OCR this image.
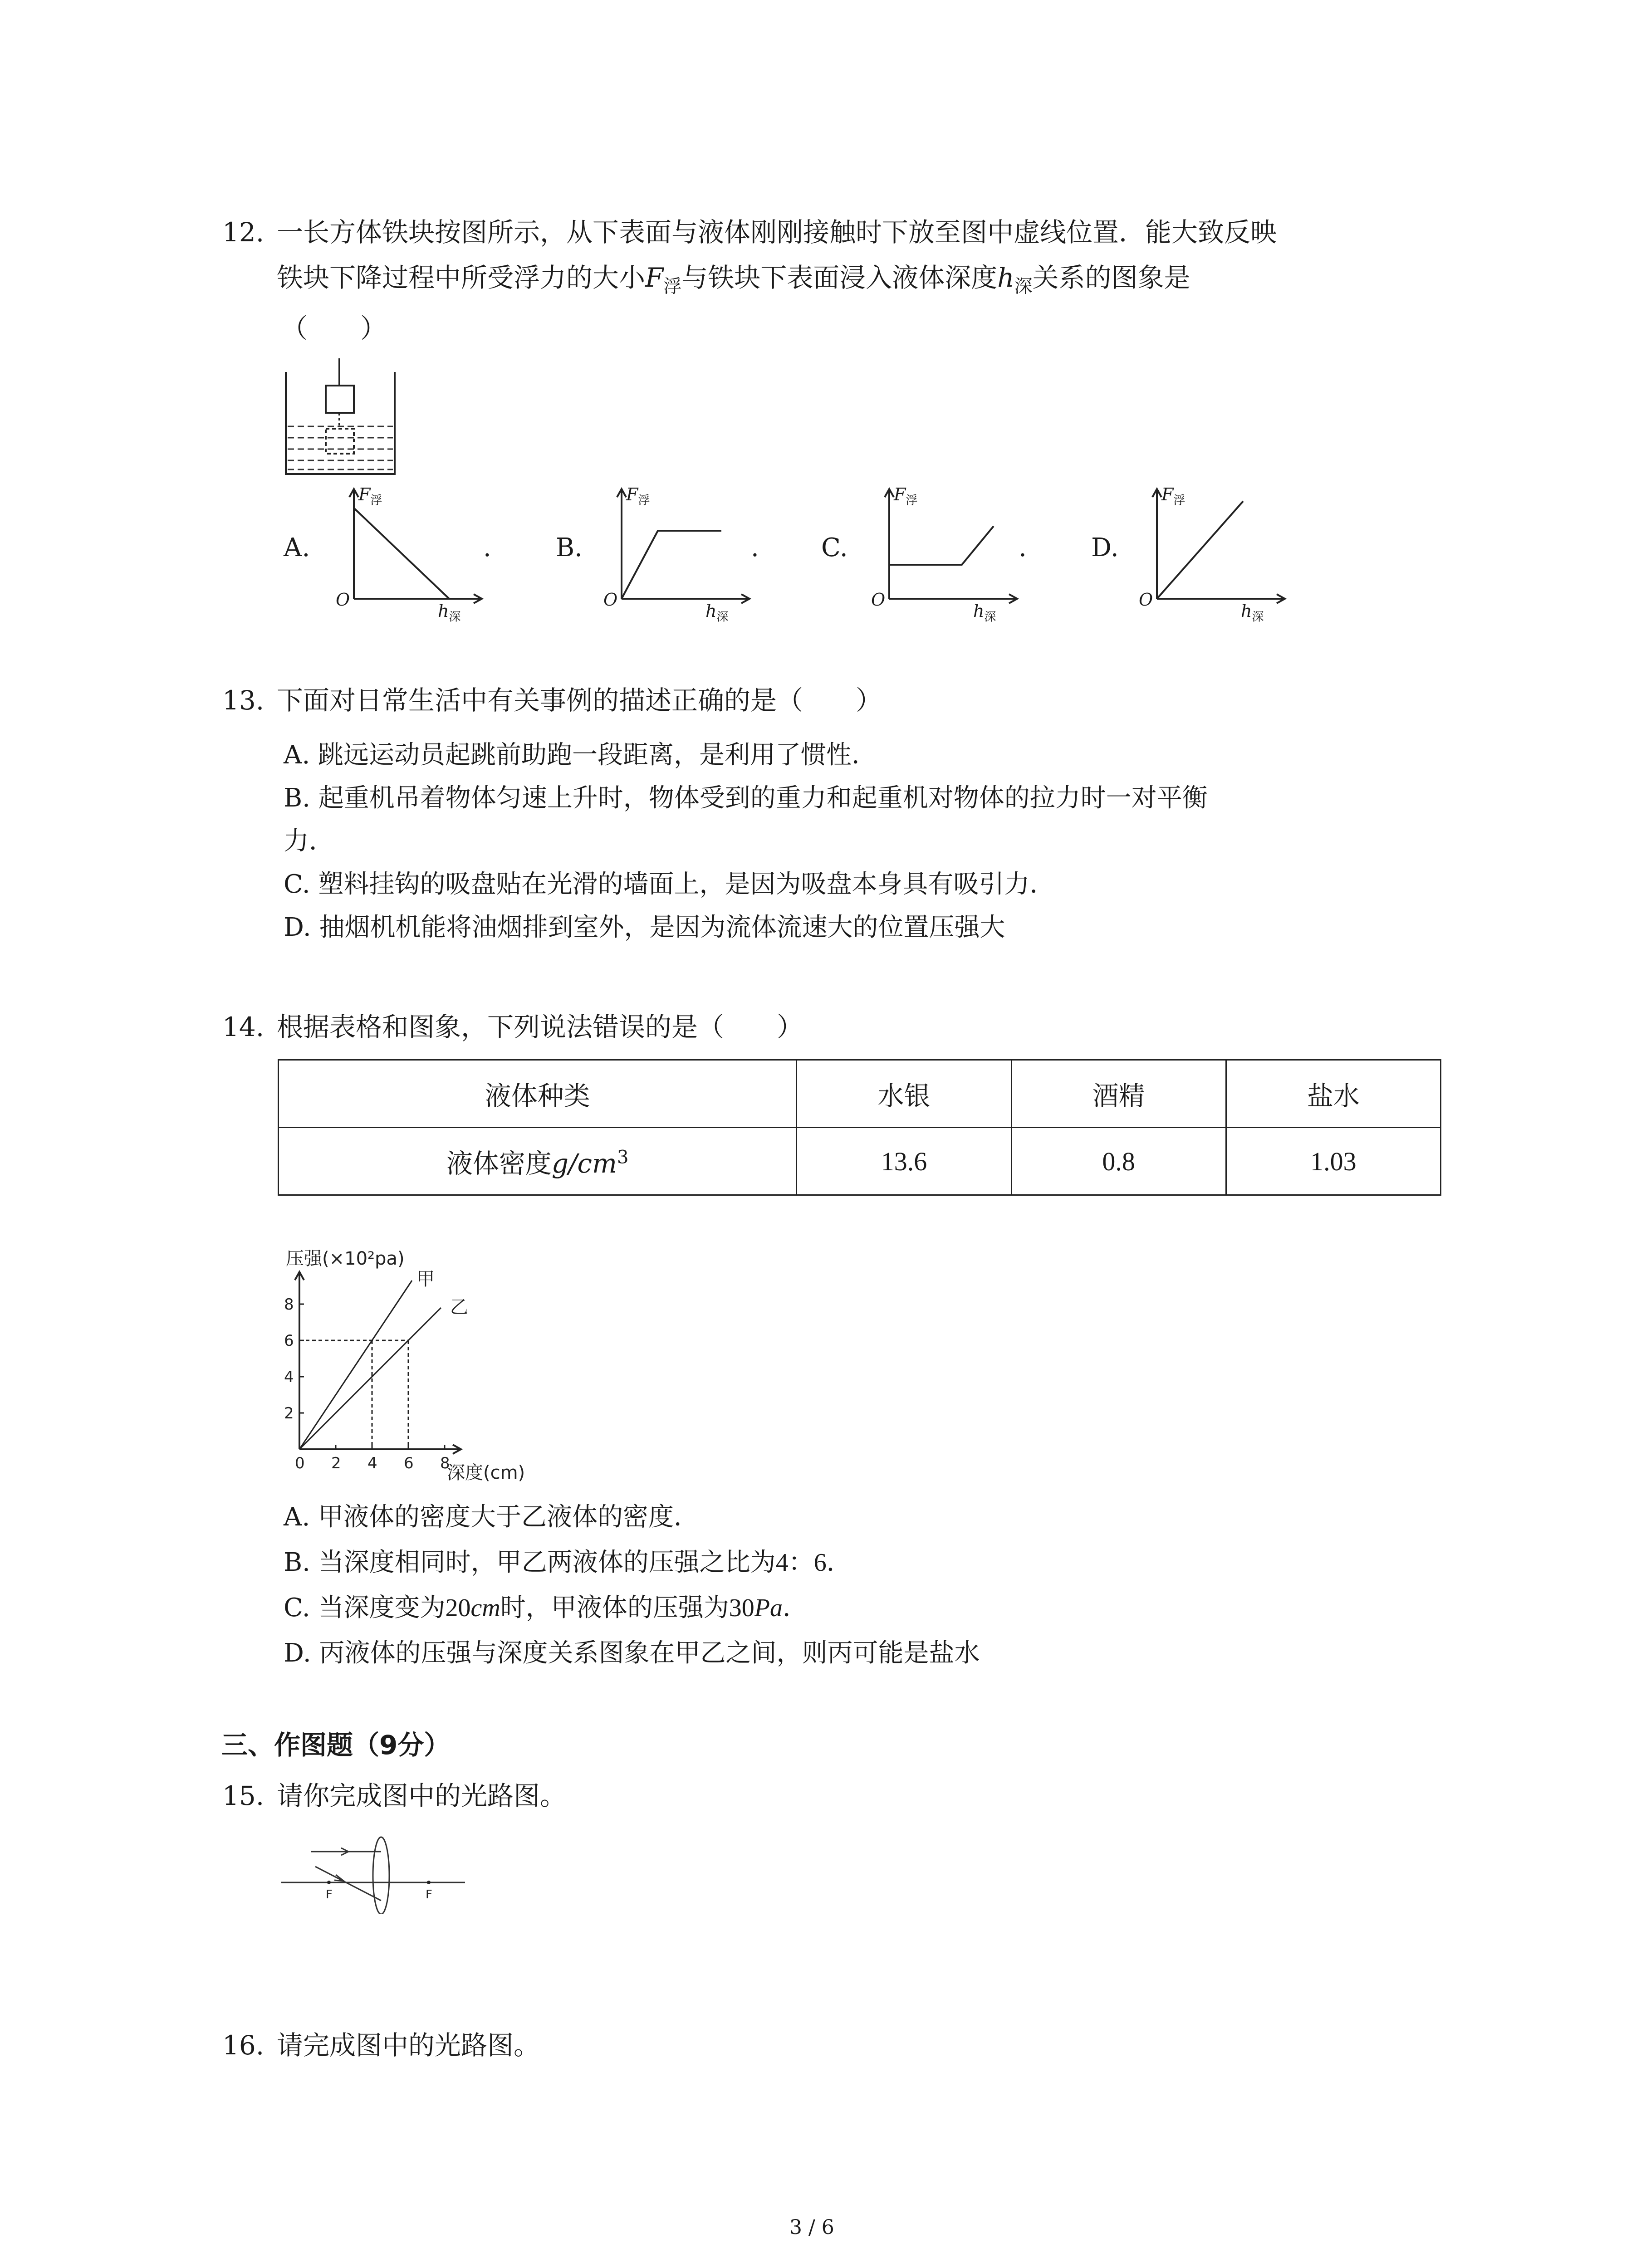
12. 一长方体铁块按图所示，从下表面与液体刚刚接触时下放至图中虚线位置．能大致反映
铁块下降过程中所受浮力的大小$F_浮$与铁块下表面浸入液体深度$h_深$关系的图象是
（　　）
A.
$F_浮$
O
$h_深$
.	B.
$F_浮$
O
$h_深$
. C.
$F_浮$
O
$h_深$
.	D.
$F_浮$
O
$h_深$
13. 下面对日常生活中有关事例的描述正确的是（　　）
A. 跳远运动员起跳前助跑一段距离，是利用了惯性．
B. 起重机吊着物体匀速上升时，物体受到的重力和起重机对物体的拉力时一对平衡
力．
C. 塑料挂钩的吸盘贴在光滑的墙面上，是因为吸盘本身具有吸引力．
D. 抽烟机机能将油烟排到室外，是因为流体流速大的位置压强大
14. 根据表格和图象，下列说法错误的是（　　）
液体种类	水银	酒精	盐水
液体密度$g/cm^3$	13.6	0.8	1.03
压强(×10²pa)
深度(cm)
0 2 4 6 8
2
4
6
8
甲
乙
A. 甲液体的密度大于乙液体的密度．
B. 当深度相同时，甲乙两液体的压强之比为4：6．
C. 当深度变为20cm时，甲液体的压强为30Pa．
D. 丙液体的压强与深度关系图象在甲乙之间，则丙可能是盐水
三、作图题（9分）
15. 请你完成图中的光路图。
F	F
16. 请完成图中的光路图。
3 / 6
